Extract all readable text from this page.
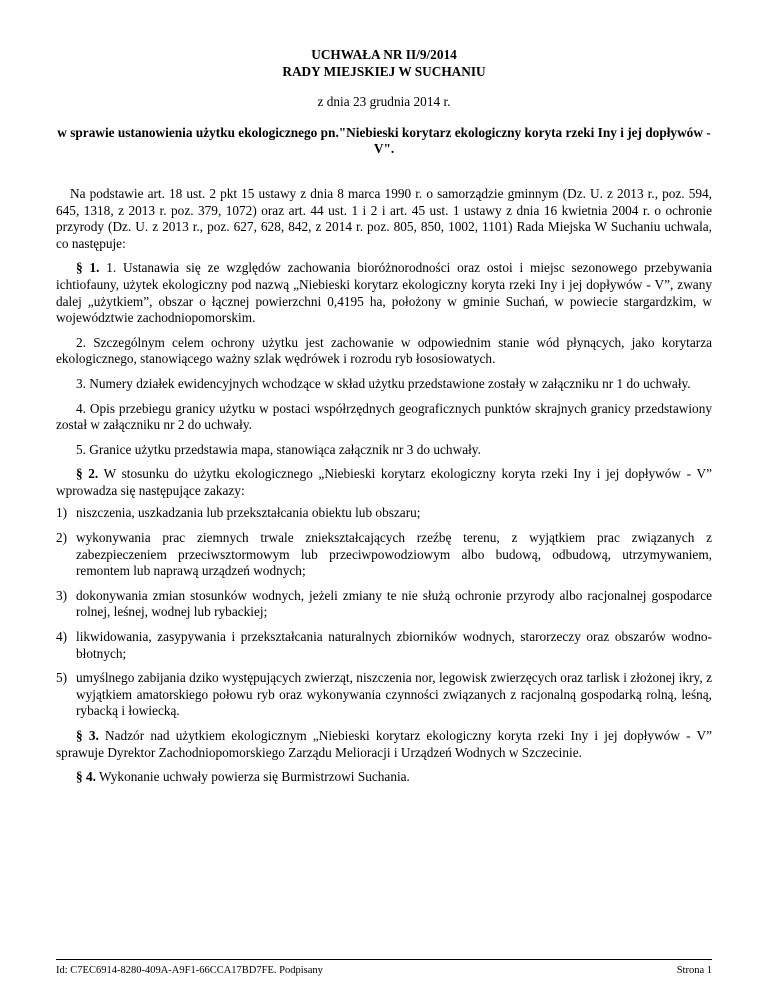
UCHWAŁA NR II/9/2014
RADY MIEJSKIEJ W SUCHANIU

z dnia 23 grudnia 2014 r.

w sprawie ustanowienia użytku ekologicznego pn."Niebieski korytarz ekologiczny koryta rzeki Iny i jej dopływów - V".

Na podstawie art. 18 ust. 2 pkt 15 ustawy z dnia 8 marca 1990 r. o samorządzie gminnym (Dz. U. z 2013 r., poz. 594, 645, 1318, z 2013 r. poz. 379, 1072) oraz art. 44 ust. 1 i 2 i art. 45 ust. 1 ustawy z dnia 16 kwietnia 2004 r. o ochronie przyrody (Dz. U. z 2013 r., poz. 627, 628, 842, z 2014 r. poz. 805, 850, 1002, 1101) Rada Miejska W Suchaniu uchwala, co następuje:

§ 1. 1. Ustanawia się ze względów zachowania bioróżnorodności oraz ostoi i miejsc sezonowego przebywania ichtiofauny, użytek ekologiczny pod nazwą „Niebieski korytarz ekologiczny koryta rzeki Iny i jej dopływów - V”, zwany dalej „użytkiem”, obszar o łącznej powierzchni 0,4195 ha, położony w gminie Suchań, w powiecie stargardzkim, w województwie zachodniopomorskim.

2. Szczególnym celem ochrony użytku jest zachowanie w odpowiednim stanie wód płynących, jako korytarza ekologicznego, stanowiącego ważny szlak wędrówek i rozrodu ryb łososiowatych.

3. Numery działek ewidencyjnych wchodzące w skład użytku przedstawione zostały w załączniku nr 1 do uchwały.

4. Opis przebiegu granicy użytku w postaci współrzędnych geograficznych punktów skrajnych granicy przedstawiony został w załączniku nr 2 do uchwały.

5. Granice użytku przedstawia mapa, stanowiąca załącznik nr 3 do uchwały.

§ 2. W stosunku do użytku ekologicznego „Niebieski korytarz ekologiczny koryta rzeki Iny i jej dopływów - V” wprowadza się następujące zakazy:

1) niszczenia, uszkadzania lub przekształcania obiektu lub obszaru;
2) wykonywania prac ziemnych trwale zniekształcających rzeźbę terenu, z wyjątkiem prac związanych z zabezpieczeniem przeciwsztormowym lub przeciwpowodziowym albo budową, odbudową, utrzymywaniem, remontem lub naprawą urządzeń wodnych;
3) dokonywania zmian stosunków wodnych, jeżeli zmiany te nie służą ochronie przyrody albo racjonalnej gospodarce rolnej, leśnej, wodnej lub rybackiej;
4) likwidowania, zasypywania i przekształcania naturalnych zbiorników wodnych, starorzeczy oraz obszarów wodno-błotnych;
5) umyślnego zabijania dziko występujących zwierząt, niszczenia nor, legowisk zwierzęcych oraz tarlisk i złożonej ikry, z wyjątkiem amatorskiego połowu ryb oraz wykonywania czynności związanych z racjonalną gospodarką rolną, leśną, rybacką i łowiecką.

§ 3. Nadzór nad użytkiem ekologicznym „Niebieski korytarz ekologiczny koryta rzeki Iny i jej dopływów - V” sprawuje Dyrektor Zachodniopomorskiego Zarządu Melioracji i Urządzeń Wodnych w Szczecinie.

§ 4. Wykonanie uchwały powierza się Burmistrzowi Suchania.

Id: C7EC6914-8280-409A-A9F1-66CCA17BD7FE. Podpisany	Strona 1
